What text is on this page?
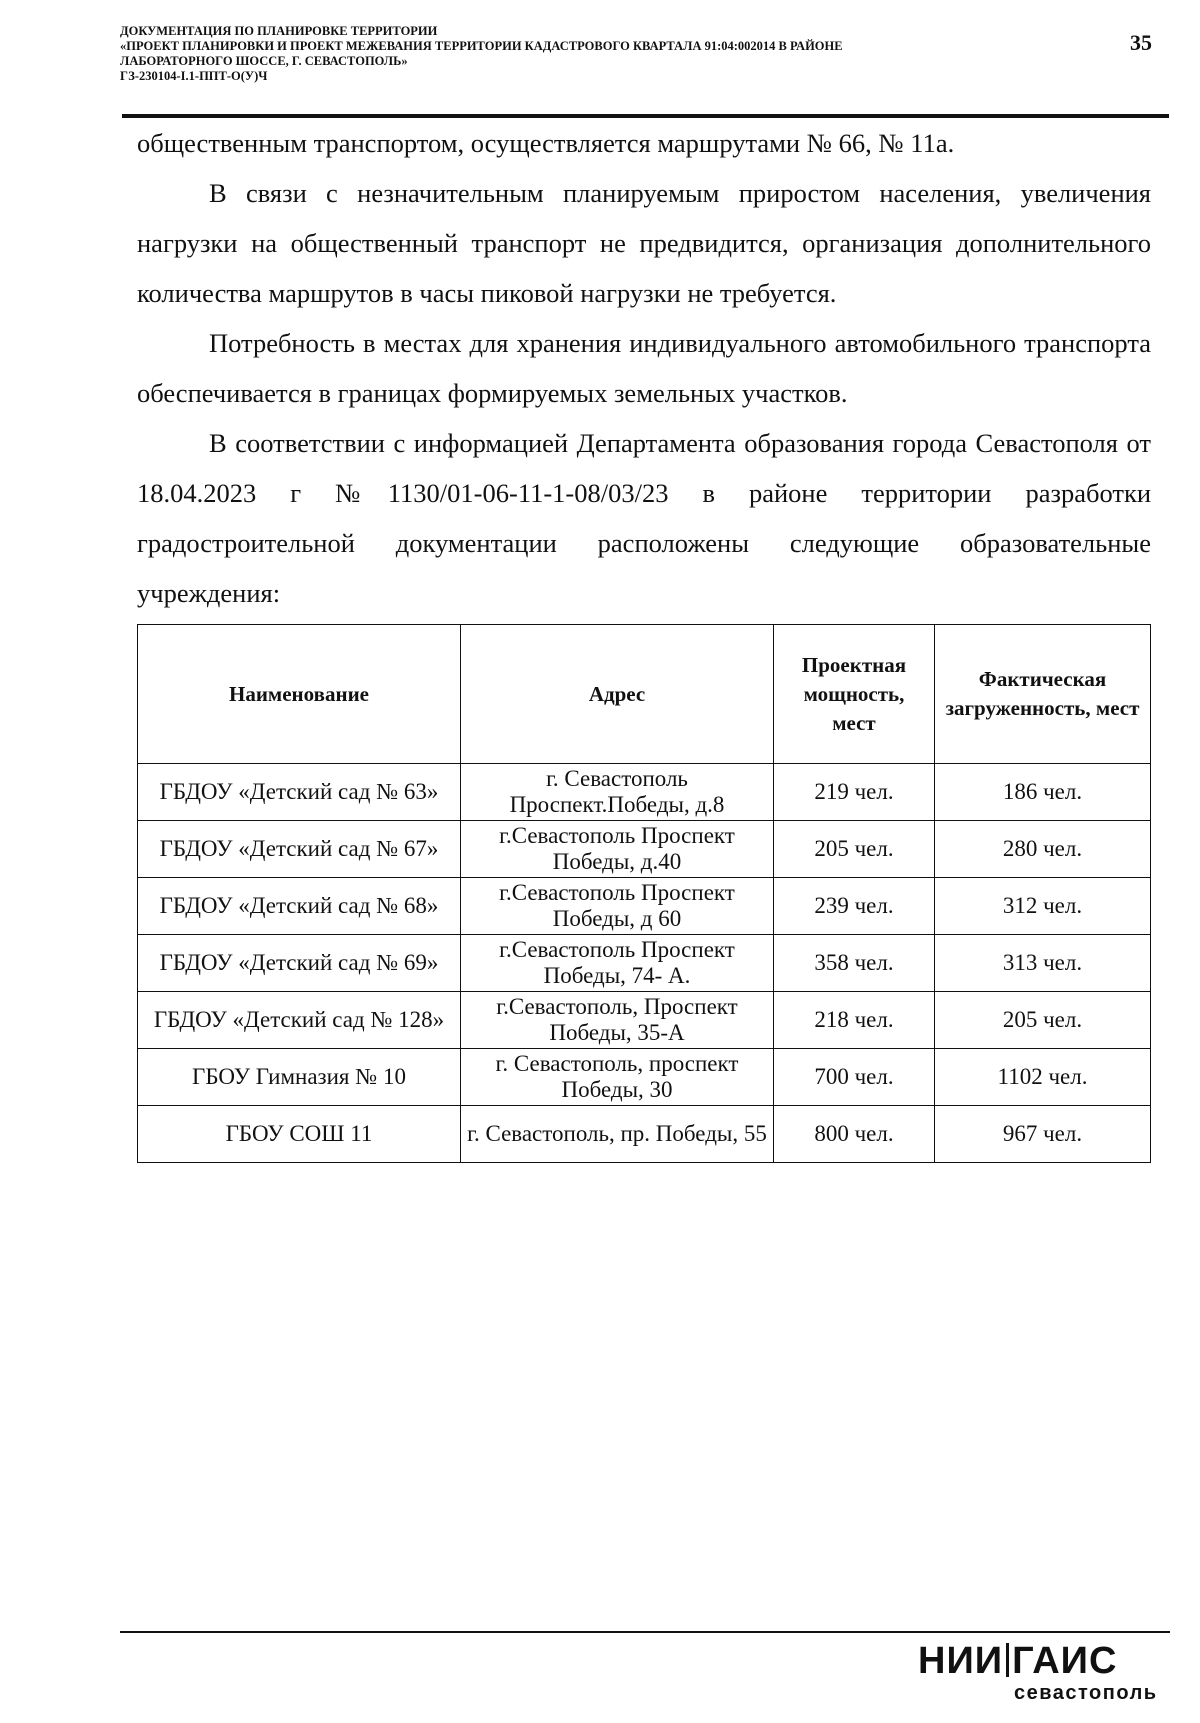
ДОКУМЕНТАЦИЯ ПО ПЛАНИРОВКЕ ТЕРРИТОРИИ
«ПРОЕКТ ПЛАНИРОВКИ И ПРОЕКТ МЕЖЕВАНИЯ ТЕРРИТОРИИ КАДАСТРОВОГО КВАРТАЛА 91:04:002014 В РАЙОНЕ
ЛАБОРАТОРНОГО ШОССЕ, Г. СЕВАСТОПОЛЬ»
ГЗ-230104-I.1-ППТ-О(У)Ч
35

общественным транспортом, осуществляется маршрутами № 66, № 11а.

В связи с незначительным планируемым приростом населения, увеличения нагрузки на общественный транспорт не предвидится, организация дополнительного количества маршрутов в часы пиковой нагрузки не требуется.

Потребность в местах для хранения индивидуального автомобильного транспорта обеспечивается в границах формируемых земельных участков.

В соответствии с информацией Департамента образования города Севастополя от 18.04.2023 г №1130/01-06-11-1-08/03/23 в районе территории разработки градостроительной документации расположены следующие образовательные учреждения:

Наименование	Адрес	Проектная мощность, мест	Фактическая загруженность, мест
ГБДОУ «Детский сад № 63»	г. Севастополь Проспект.Победы, д.8	219 чел.	186 чел.
ГБДОУ «Детский сад № 67»	г.Севастополь Проспект Победы, д.40	205 чел.	280 чел.
ГБДОУ «Детский сад № 68»	г.Севастополь Проспект Победы, д 60	239 чел.	312 чел.
ГБДОУ «Детский сад № 69»	г.Севастополь Проспект Победы, 74- А.	358 чел.	313 чел.
ГБДОУ «Детский сад № 128»	г.Севастополь, Проспект Победы, 35-А	218 чел.	205 чел.
ГБОУ Гимназия № 10	г. Севастополь, проспект Победы, 30	700 чел.	1102 чел.
ГБОУ СОШ 11	г. Севастополь, пр. Победы, 55	800 чел.	967 чел.
НИИ ГАИС
севастополь
